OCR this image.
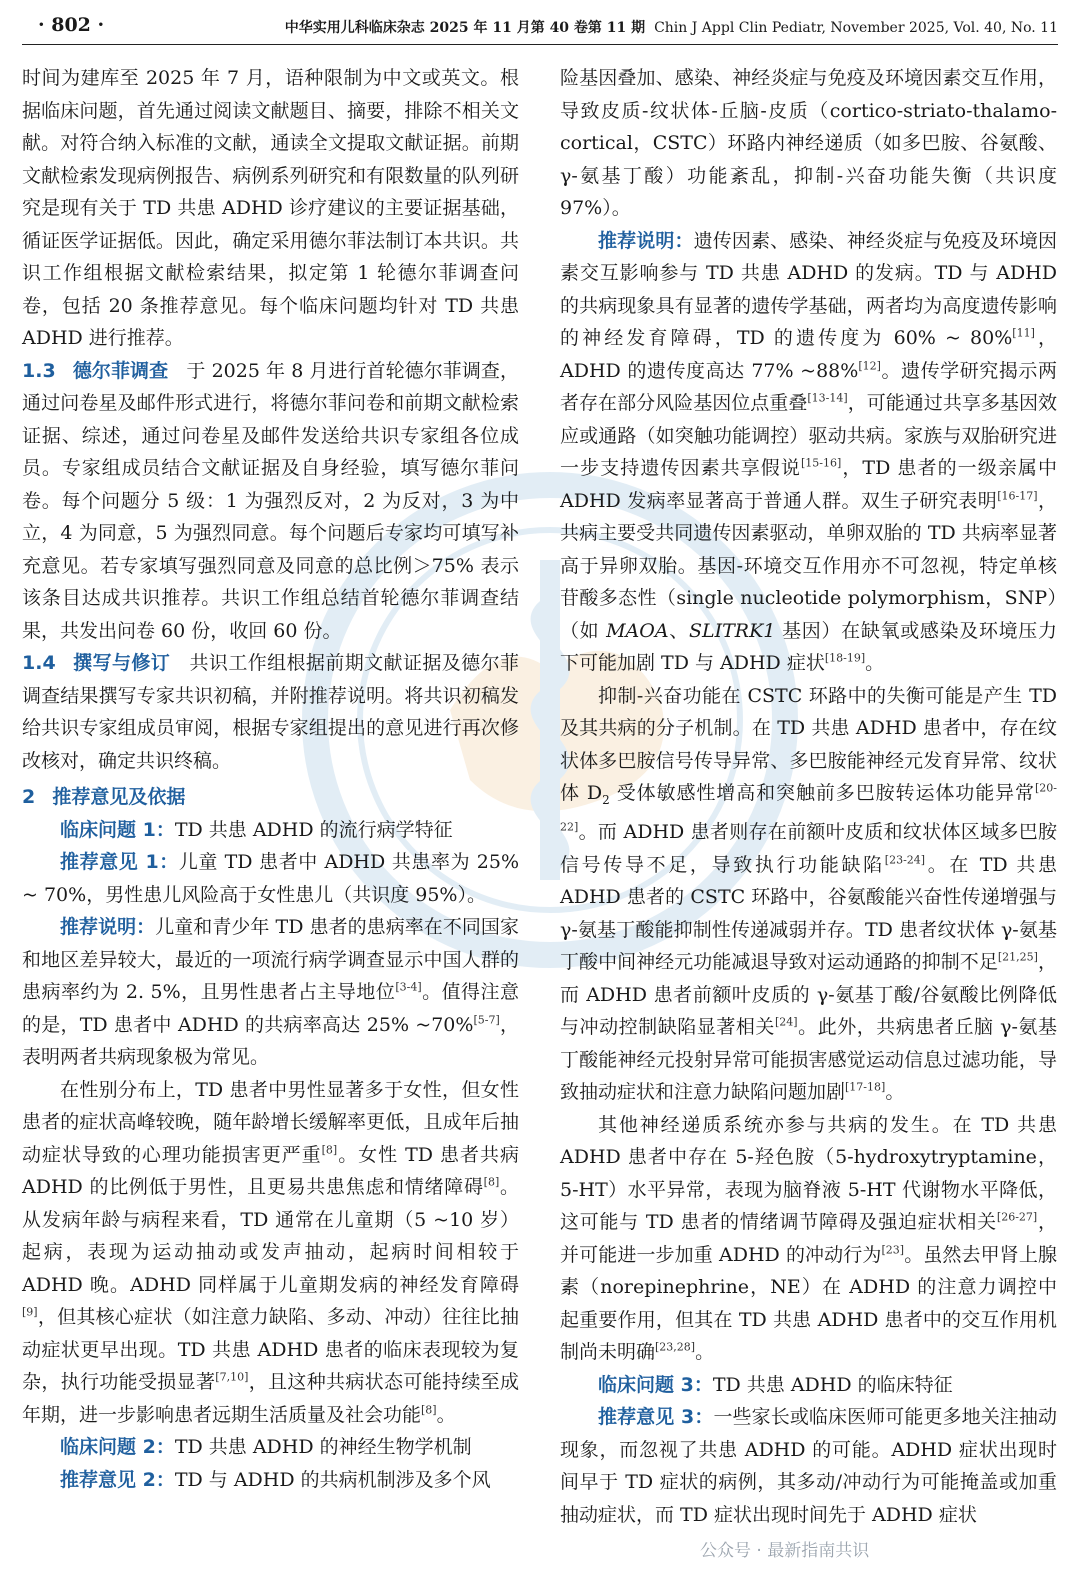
· 802 ·	中华实用儿科临床杂志 2025 年 11 月第 40 卷第 11 期 Chin J Appl Clin Pediatr, November 2025, Vol. 40, No. 11

时间为建库至 2025 年 7 月，语种限制为中文或英文。根据临床问题，首先通过阅读文献题目、摘要，排除不相关文献。对符合纳入标准的文献，通读全文提取文献证据。前期文献检索发现病例报告、病例系列研究和有限数量的队列研究是现有关于 TD 共患 ADHD 诊疗建议的主要证据基础，循证医学证据低。因此，确定采用德尔菲法制订本共识。共识工作组根据文献检索结果，拟定第 1 轮德尔菲调查问卷，包括 20 条推荐意见。每个临床问题均针对 TD 共患 ADHD 进行推荐。

1.3 德尔菲调查 于 2025 年 8 月进行首轮德尔菲调查，通过问卷星及邮件形式进行，将德尔菲问卷和前期文献检索证据、综述，通过问卷星及邮件发送给共识专家组各位成员。专家组成员结合文献证据及自身经验，填写德尔菲问卷。每个问题分 5 级：1 为强烈反对，2 为反对，3 为中立，4 为同意，5 为强烈同意。每个问题后专家均可填写补充意见。若专家填写强烈同意及同意的总比例＞75% 表示该条目达成共识推荐。共识工作组总结首轮德尔菲调查结果，共发出问卷 60 份，收回 60 份。

1.4 撰写与修订 共识工作组根据前期文献证据及德尔菲调查结果撰写专家共识初稿，并附推荐说明。将共识初稿发给共识专家组成员审阅，根据专家组提出的意见进行再次修改核对，确定共识终稿。

2 推荐意见及依据

临床问题 1：TD 共患 ADHD 的流行病学特征

推荐意见 1：儿童 TD 患者中 ADHD 共患率为 25% ~ 70%，男性患儿风险高于女性患儿（共识度 95%）。

推荐说明：儿童和青少年 TD 患者的患病率在不同国家和地区差异较大，最近的一项流行病学调查显示中国人群的患病率约为 2. 5%，且男性患者占主导地位[3-4]。值得注意的是，TD 患者中 ADHD 的共病率高达 25% ~70%[5-7]，表明两者共病现象极为常见。

在性别分布上，TD 患者中男性显著多于女性，但女性患者的症状高峰较晚，随年龄增长缓解率更低，且成年后抽动症状导致的心理功能损害更严重[8]。女性 TD 患者共病 ADHD 的比例低于男性，且更易共患焦虑和情绪障碍[8]。从发病年龄与病程来看，TD 通常在儿童期（5 ~10 岁）起病，表现为运动抽动或发声抽动，起病时间相较于 ADHD 晚。ADHD 同样属于儿童期发病的神经发育障碍[9]，但其核心症状（如注意力缺陷、多动、冲动）往往比抽动症状更早出现。TD 共患 ADHD 患者的临床表现较为复杂，执行功能受损显著[7,10]，且这种共病状态可能持续至成年期，进一步影响患者远期生活质量及社会功能[8]。

临床问题 2：TD 共患 ADHD 的神经生物学机制

推荐意见 2：TD 与 ADHD 的共病机制涉及多个风

险基因叠加、感染、神经炎症与免疫及环境因素交互作用，导致皮质-纹状体-丘脑-皮质（cortico-striato-thalamo-cortical，CSTC）环路内神经递质（如多巴胺、谷氨酸、γ-氨基丁酸）功能紊乱，抑制-兴奋功能失衡（共识度 97%）。

推荐说明：遗传因素、感染、神经炎症与免疫及环境因素交互影响参与 TD 共患 ADHD 的发病。TD 与 ADHD 的共病现象具有显著的遗传学基础，两者均为高度遗传影响的神经发育障碍，TD 的遗传度为 60% ~ 80%[11]，ADHD 的遗传度高达 77% ~88%[12]。遗传学研究揭示两者存在部分风险基因位点重叠[13-14]，可能通过共享多基因效应或通路（如突触功能调控）驱动共病。家族与双胎研究进一步支持遗传因素共享假说[15-16]，TD 患者的一级亲属中 ADHD 发病率显著高于普通人群。双生子研究表明[16-17]，共病主要受共同遗传因素驱动，单卵双胎的 TD 共病率显著高于异卵双胎。基因-环境交互作用亦不可忽视，特定单核苷酸多态性（single nucleotide polymorphism，SNP）（如 MAOA、SLITRK1 基因）在缺氧或感染及环境压力下可能加剧 TD 与 ADHD 症状[18-19]。

抑制-兴奋功能在 CSTC 环路中的失衡可能是产生 TD 及其共病的分子机制。在 TD 共患 ADHD 患者中，存在纹状体多巴胺信号传导异常、多巴胺能神经元发育异常、纹状体 $D_2$ 受体敏感性增高和突触前多巴胺转运体功能异常[20-22]。而 ADHD 患者则存在前额叶皮质和纹状体区域多巴胺信号传导不足，导致执行功能缺陷[23-24]。在 TD 共患 ADHD 患者的 CSTC 环路中，谷氨酸能兴奋性传递增强与 γ-氨基丁酸能抑制性传递减弱并存。TD 患者纹状体 γ-氨基丁酸中间神经元功能减退导致对运动通路的抑制不足[21,25]，而 ADHD 患者前额叶皮质的 γ-氨基丁酸/谷氨酸比例降低与冲动控制缺陷显著相关[24]。此外，共病患者丘脑 γ-氨基丁酸能神经元投射异常可能损害感觉运动信息过滤功能，导致抽动症状和注意力缺陷问题加剧[17-18]。

其他神经递质系统亦参与共病的发生。在 TD 共患 ADHD 患者中存在 5-羟色胺（5-hydroxytryptamine，5-HT）水平异常，表现为脑脊液 5-HT 代谢物水平降低，这可能与 TD 患者的情绪调节障碍及强迫症状相关[26-27]，并可能进一步加重 ADHD 的冲动行为[23]。虽然去甲肾上腺素（norepinephrine，NE）在 ADHD 的注意力调控中起重要作用，但其在 TD 共患 ADHD 患者中的交互作用机制尚未明确[23,28]。

临床问题 3：TD 共患 ADHD 的临床特征

推荐意见 3：一些家长或临床医师可能更多地关注抽动现象，而忽视了共患 ADHD 的可能。ADHD 症状出现时间早于 TD 症状的病例，其多动/冲动行为可能掩盖或加重抽动症状，而 TD 症状出现时间先于 ADHD 症状

公众号 · 最新指南共识
